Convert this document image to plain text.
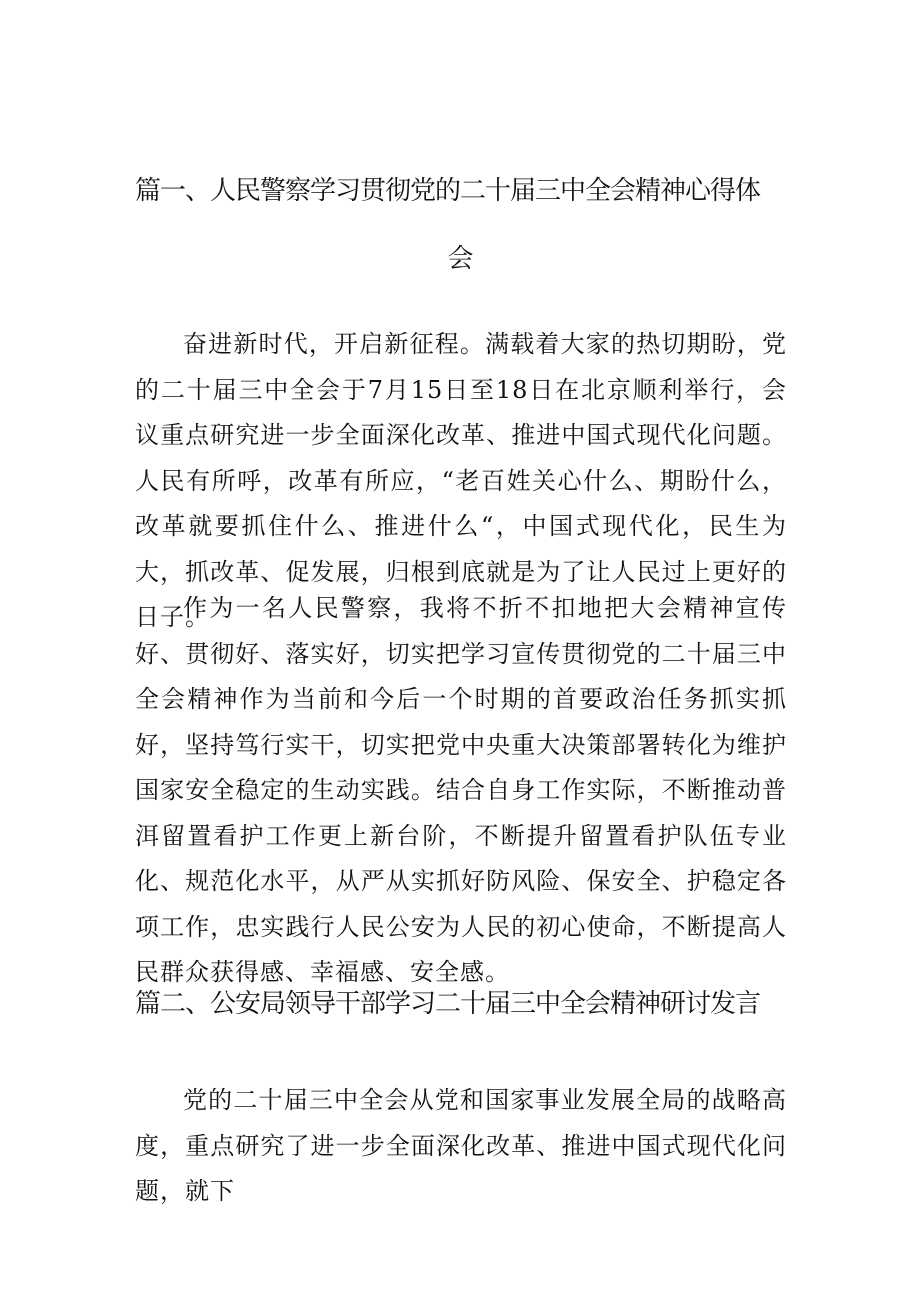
篇一、人民警察学习贯彻党的二十届三中全会精神心得体
会

奋进新时代，开启新征程。满载着大家的热切期盼，党的二十届三中全会于7月15日至18日在北京顺利举行，会议重点研究进一步全面深化改革、推进中国式现代化问题。人民有所呼，改革有所应，“老百姓关心什么、期盼什么，改革就要抓住什么、推进什么“，中国式现代化，民生为大，抓改革、促发展，归根到底就是为了让人民过上更好的日子。

作为一名人民警察，我将不折不扣地把大会精神宣传好、贯彻好、落实好，切实把学习宣传贯彻党的二十届三中全会精神作为当前和今后一个时期的首要政治任务抓实抓好，坚持笃行实干，切实把党中央重大决策部署转化为维护国家安全稳定的生动实践。结合自身工作实际，不断推动普洱留置看护工作更上新台阶，不断提升留置看护队伍专业化、规范化水平，从严从实抓好防风险、保安全、护稳定各项工作，忠实践行人民公安为人民的初心使命，不断提高人民群众获得感、幸福感、安全感。

篇二、公安局领导干部学习二十届三中全会精神研讨发言

党的二十届三中全会从党和国家事业发展全局的战略高度，重点研究了进一步全面深化改革、推进中国式现代化问题，就下
